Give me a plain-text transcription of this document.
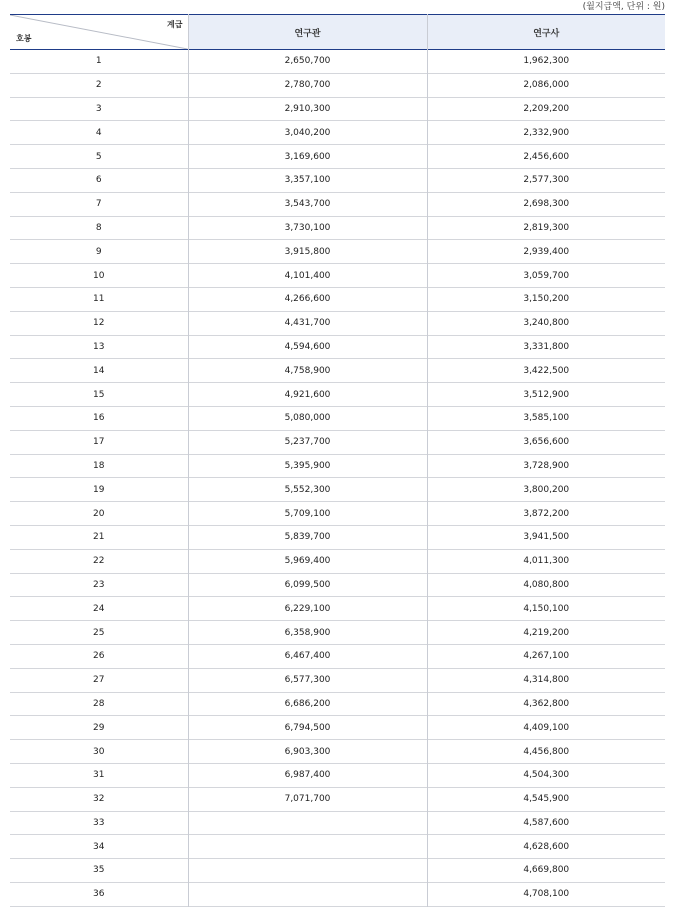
(월지급액, 단위 : 원)
계급
호봉	연구관	연구사
1	2,650,700	1,962,300
2	2,780,700	2,086,000
3	2,910,300	2,209,200
4	3,040,200	2,332,900
5	3,169,600	2,456,600
6	3,357,100	2,577,300
7	3,543,700	2,698,300
8	3,730,100	2,819,300
9	3,915,800	2,939,400
10	4,101,400	3,059,700
11	4,266,600	3,150,200
12	4,431,700	3,240,800
13	4,594,600	3,331,800
14	4,758,900	3,422,500
15	4,921,600	3,512,900
16	5,080,000	3,585,100
17	5,237,700	3,656,600
18	5,395,900	3,728,900
19	5,552,300	3,800,200
20	5,709,100	3,872,200
21	5,839,700	3,941,500
22	5,969,400	4,011,300
23	6,099,500	4,080,800
24	6,229,100	4,150,100
25	6,358,900	4,219,200
26	6,467,400	4,267,100
27	6,577,300	4,314,800
28	6,686,200	4,362,800
29	6,794,500	4,409,100
30	6,903,300	4,456,800
31	6,987,400	4,504,300
32	7,071,700	4,545,900
33		4,587,600
34		4,628,600
35		4,669,800
36		4,708,100
